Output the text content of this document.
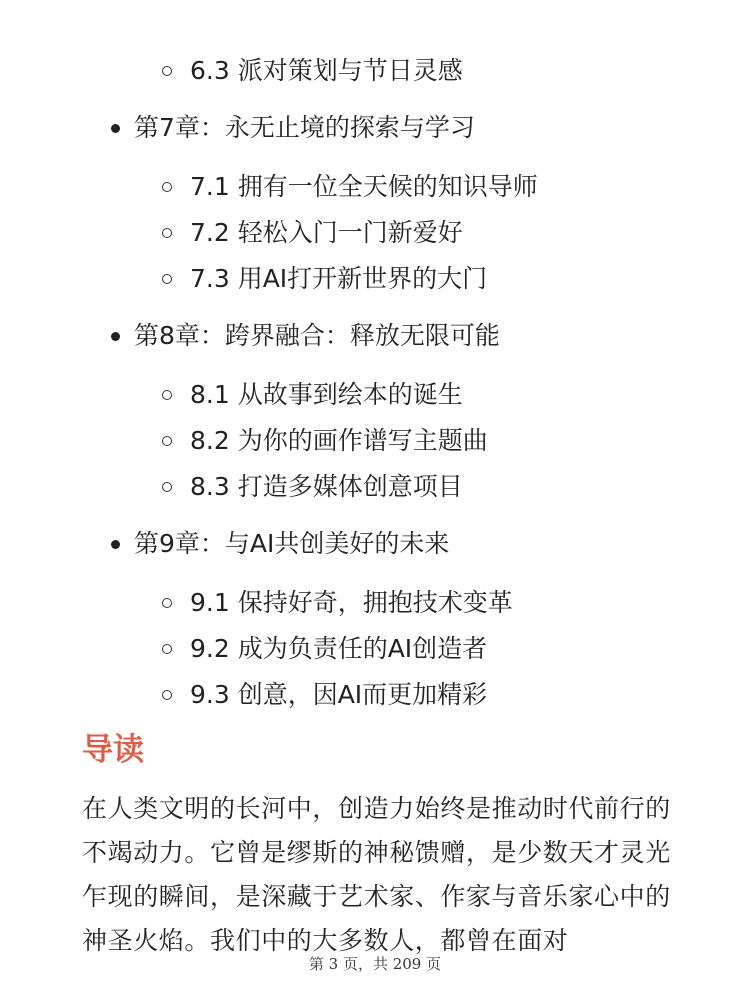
6.3 派对策划与节日灵感
第7章：永无止境的探索与学习
7.1 拥有一位全天候的知识导师
7.2 轻松入门一门新爱好
7.3 用AI打开新世界的大门
第8章：跨界融合：释放无限可能
8.1 从故事到绘本的诞生
8.2 为你的画作谱写主题曲
8.3 打造多媒体创意项目
第9章：与AI共创美好的未来
9.1 保持好奇，拥抱技术变革
9.2 成为负责任的AI创造者
9.3 创意，因AI而更加精彩
导读

在人类文明的长河中，创造力始终是推动时代前行的不竭动力。它曾是缪斯的神秘馈赠，是少数天才灵光乍现的瞬间，是深藏于艺术家、作家与音乐家心中的神圣火焰。我们中的大多数人，都曾在面对

第 3 页，共 209 页
